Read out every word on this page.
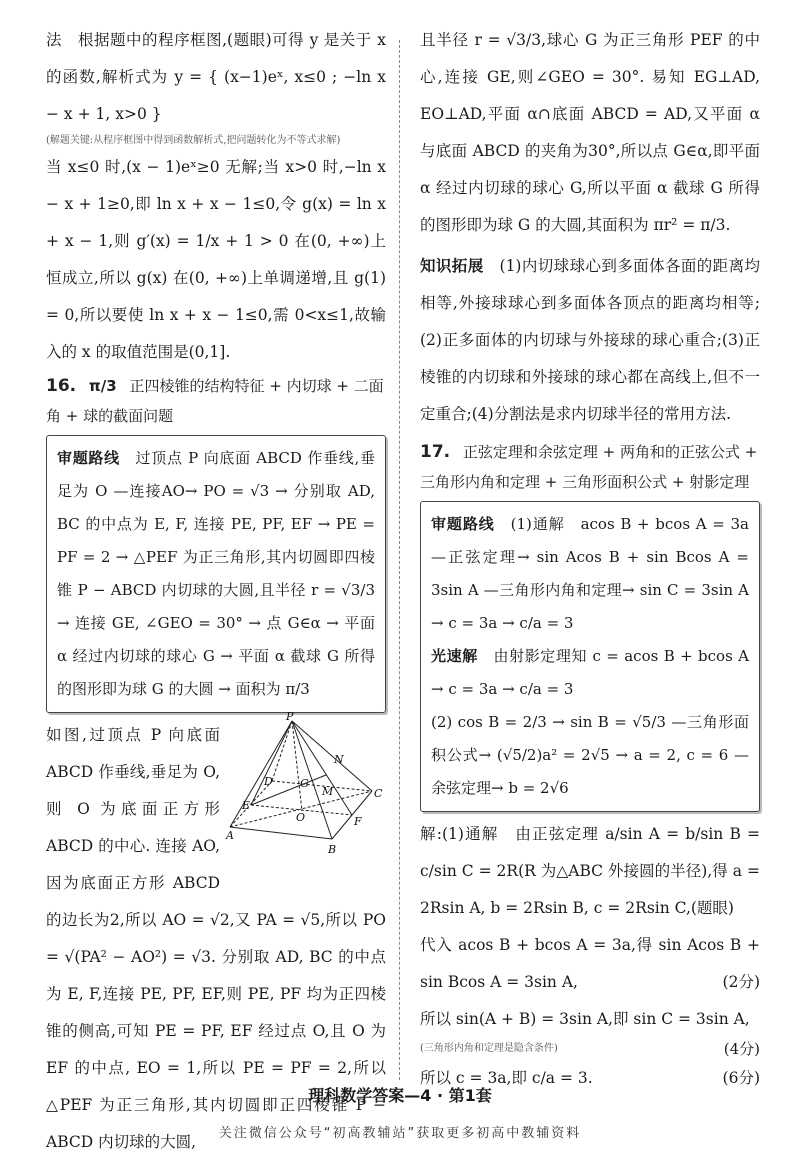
法　根据题中的程序框图,(题眼)可得 y 是关于 x 的函数,解析式为 y = { (x−1)eˣ, x≤0 ; −ln x − x + 1, x>0 }

(解题关键:从程序框图中得到函数解析式,把问题转化为不等式求解)

当 x≤0 时,(x − 1)eˣ≥0 无解;当 x>0 时,−ln x − x + 1≥0,即 ln x + x − 1≤0,令 g(x) = ln x + x − 1,则 g′(x) = 1/x + 1 > 0 在(0, +∞)上恒成立,所以 g(x) 在(0, +∞)上单调递增,且 g(1) = 0,所以要使 ln x + x − 1≤0,需 0<x≤1,故输入的 x 的取值范围是(0,1].

16. π/3 正四棱锥的结构特征 + 内切球 + 二面角 + 球的截面问题

审题路线　 过顶点 P 向底面 ABCD 作垂线,垂足为 O —连接AO→ PO = √3 → 分别取 AD, BC 的中点为 E, F, 连接 PE, PF, EF → PE = PF = 2 → △PEF 为正三角形,其内切圆即四棱锥 P − ABCD 内切球的大圆,且半径 r = √3/3 → 连接 GE, ∠GEO = 30° → 点 G∈α → 平面 α 经过内切球的球心 G → 平面 α 截球 G 所得的图形即为球 G 的大圆 → 面积为 π/3

P
N
D G
M	C
E
O	F
A
B

如图,过顶点 P 向底面 ABCD 作垂线,垂足为 O,则 O 为底面正方形 ABCD 的中心. 连接 AO,因为底面正方形 ABCD 的边长为2,所以 AO = √2,又 PA = √5,所以 PO = √(PA² − AO²) = √3. 分别取 AD, BC 的中点为 E, F,连接 PE, PF, EF,则 PE, PF 均为正四棱锥的侧高,可知 PE = PF, EF 经过点 O,且 O 为 EF 的中点, EO = 1,所以 PE = PF = 2,所以△PEF 为正三角形,其内切圆即正四棱锥 P − ABCD 内切球的大圆,

且半径 r = √3/3,球心 G 为正三角形 PEF 的中心,连接 GE,则∠GEO = 30°. 易知 EG⊥AD, EO⊥AD,平面 α∩底面 ABCD = AD,又平面 α 与底面 ABCD 的夹角为30°,所以点 G∈α,即平面 α 经过内切球的球心 G,所以平面 α 截球 G 所得的图形即为球 G 的大圆,其面积为 πr² = π/3.

知识拓展　 (1)内切球球心到多面体各面的距离均相等,外接球球心到多面体各顶点的距离均相等;(2)正多面体的内切球与外接球的球心重合;(3)正棱锥的内切球和外接球的球心都在高线上,但不一定重合;(4)分割法是求内切球半径的常用方法.

17. 正弦定理和余弦定理 + 两角和的正弦公式 + 三角形内角和定理 + 三角形面积公式 + 射影定理

审题路线　 (1)通解　acos B + bcos A = 3a —正弦定理→ sin Acos B + sin Bcos A = 3sin A —三角形内角和定理→ sin C = 3sin A → c = 3a → c/a = 3

光速解　 由射影定理知 c = acos B + bcos A → c = 3a → c/a = 3

(2) cos B = 2/3 → sin B = √5/3 —三角形面积公式→ (√5/2)a² = 2√5 → a = 2, c = 6 —余弦定理→ b = 2√6

解:(1)通解　由正弦定理 a/sin A = b/sin B = c/sin C = 2R(R 为△ABC 外接圆的半径),得 a = 2Rsin A, b = 2Rsin B, c = 2Rsin C,(题眼)

代入 acos B + bcos A = 3a,得 sin Acos B + sin Bcos A = 3sin A,	(2分)

所以 sin(A + B) = 3sin A,即 sin C = 3sin A,

(三角形内角和定理是隐含条件)	(4分)

所以 c = 3a,即 c/a = 3.	(6分)

理科数学答案—4 · 第1套
关注微信公众号“初高教辅站”获取更多初高中教辅资料
